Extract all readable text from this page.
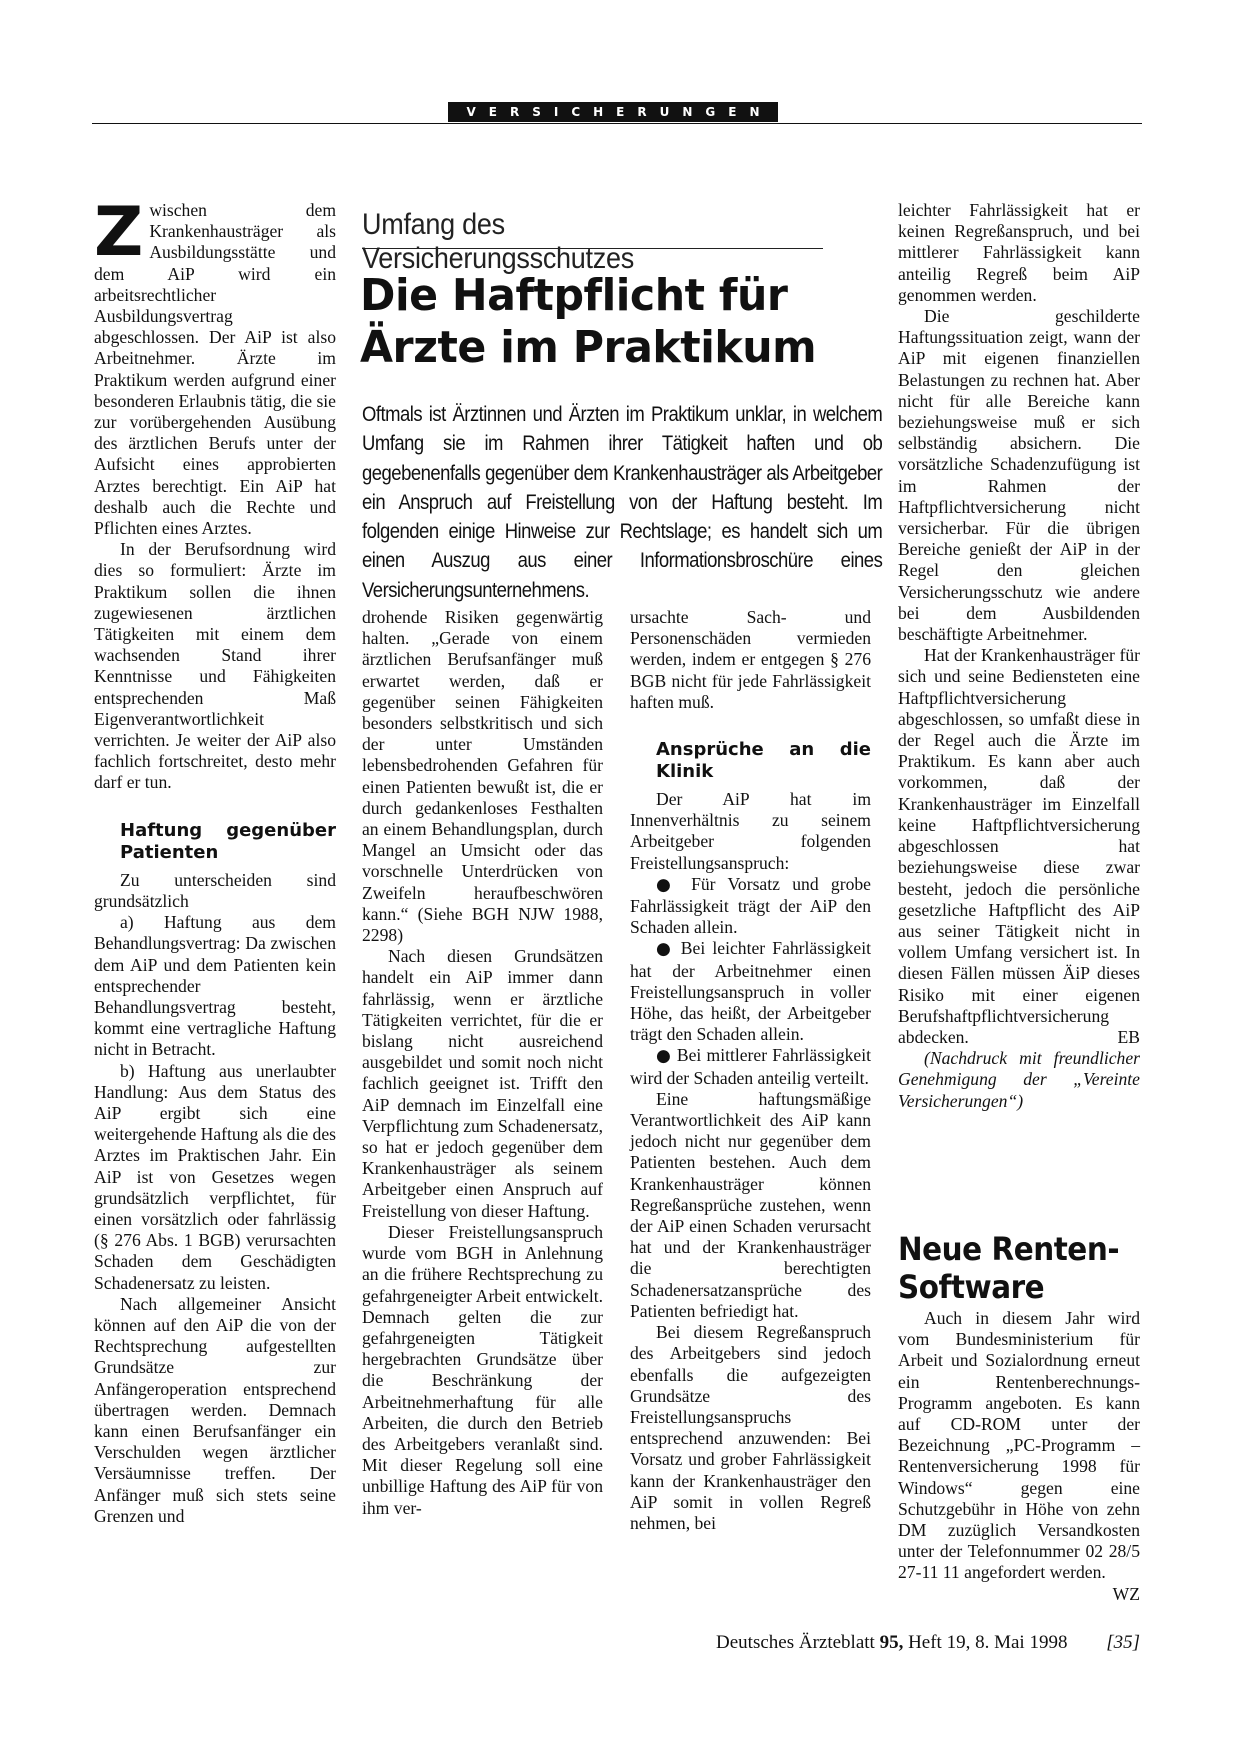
VERSICHERUNGEN

Zwischen dem Krankenhausträger als Ausbildungsstätte und dem AiP wird ein arbeitsrechtlicher Ausbildungsvertrag abgeschlossen. Der AiP ist also Arbeitnehmer. Ärzte im Praktikum werden aufgrund einer besonderen Erlaubnis tätig, die sie zur vorübergehenden Ausübung des ärztlichen Berufs unter der Aufsicht eines approbierten Arztes berechtigt. Ein AiP hat deshalb auch die Rechte und Pflichten eines Arztes.

In der Berufsordnung wird dies so formuliert: Ärzte im Praktikum sollen die ihnen zugewiesenen ärztlichen Tätigkeiten mit einem dem wachsenden Stand ihrer Kenntnisse und Fähigkeiten entsprechenden Maß Eigenverantwortlichkeit verrichten. Je weiter der AiP also fachlich fortschreitet, desto mehr darf er tun.

Haftung gegenüber Patienten

Zu unterscheiden sind grundsätzlich

a) Haftung aus dem Behandlungsvertrag: Da zwischen dem AiP und dem Patienten kein entsprechender Behandlungsvertrag besteht, kommt eine vertragliche Haftung nicht in Betracht.

b) Haftung aus unerlaubter Handlung: Aus dem Status des AiP ergibt sich eine weitergehende Haftung als die des Arztes im Praktischen Jahr. Ein AiP ist von Gesetzes wegen grundsätzlich verpflichtet, für einen vorsätzlich oder fahrlässig (§ 276 Abs. 1 BGB) verursachten Schaden dem Geschädigten Schadenersatz zu leisten.

Nach allgemeiner Ansicht können auf den AiP die von der Rechtsprechung aufgestellten Grundsätze zur Anfängeroperation entsprechend übertragen werden. Demnach kann einen Berufsanfänger ein Verschulden wegen ärztlicher Versäumnisse treffen. Der Anfänger muß sich stets seine Grenzen und

Umfang des Versicherungsschutzes
Die Haftpflicht für
Ärzte im Praktikum
Oftmals ist Ärztinnen und Ärzten im Praktikum unklar, in welchem Umfang sie im Rahmen ihrer Tätigkeit haften und ob gegebenenfalls gegenüber dem Krankenhausträger als Arbeitgeber ein Anspruch auf Freistellung von der Haftung besteht. Im folgenden einige Hinweise zur Rechtslage; es handelt sich um einen Auszug aus einer Informationsbroschüre eines Versicherungsunternehmens.

drohende Risiken gegenwärtig halten. „Gerade von einem ärztlichen Berufsanfänger muß erwartet werden, daß er gegenüber seinen Fähigkeiten besonders selbstkritisch und sich der unter Umständen lebensbedrohenden Gefahren für einen Patienten bewußt ist, die er durch gedankenloses Festhalten an einem Behandlungsplan, durch Mangel an Umsicht oder das vorschnelle Unterdrücken von Zweifeln heraufbeschwören kann.“ (Siehe BGH NJW 1988, 2298)

Nach diesen Grundsätzen handelt ein AiP immer dann fahrlässig, wenn er ärztliche Tätigkeiten verrichtet, für die er bislang nicht ausreichend ausgebildet und somit noch nicht fachlich geeignet ist. Trifft den AiP demnach im Einzelfall eine Verpflichtung zum Schadenersatz, so hat er jedoch gegenüber dem Krankenhausträger als seinem Arbeitgeber einen Anspruch auf Freistellung von dieser Haftung.

Dieser Freistellungsanspruch wurde vom BGH in Anlehnung an die frühere Rechtsprechung zu gefahrgeneigter Arbeit entwickelt. Demnach gelten die zur gefahrgeneigten Tätigkeit hergebrachten Grundsätze über die Beschränkung der Arbeitnehmerhaftung für alle Arbeiten, die durch den Betrieb des Arbeitgebers veranlaßt sind. Mit dieser Regelung soll eine unbillige Haftung des AiP für von ihm ver-

ursachte Sach- und Personenschäden vermieden werden, indem er entgegen § 276 BGB nicht für jede Fahrlässigkeit haften muß.

Ansprüche an die Klinik

Der AiP hat im Innenverhältnis zu seinem Arbeitgeber folgenden Freistellungsanspruch:

● Für Vorsatz und grobe Fahrlässigkeit trägt der AiP den Schaden allein.

● Bei leichter Fahrlässigkeit hat der Arbeitnehmer einen Freistellungsanspruch in voller Höhe, das heißt, der Arbeitgeber trägt den Schaden allein.

● Bei mittlerer Fahrlässigkeit wird der Schaden anteilig verteilt.

Eine haftungsmäßige Verantwortlichkeit des AiP kann jedoch nicht nur gegenüber dem Patienten bestehen. Auch dem Krankenhausträger können Regreßansprüche zustehen, wenn der AiP einen Schaden verursacht hat und der Krankenhausträger die berechtigten Schadenersatzansprüche des Patienten befriedigt hat.

Bei diesem Regreßanspruch des Arbeitgebers sind jedoch ebenfalls die aufgezeigten Grundsätze des Freistellungsanspruchs entsprechend anzuwenden: Bei Vorsatz und grober Fahrlässigkeit kann der Krankenhausträger den AiP somit in vollen Regreß nehmen, bei

leichter Fahrlässigkeit hat er keinen Regreßanspruch, und bei mittlerer Fahrlässigkeit kann anteilig Regreß beim AiP genommen werden.

Die geschilderte Haftungssituation zeigt, wann der AiP mit eigenen finanziellen Belastungen zu rechnen hat. Aber nicht für alle Bereiche kann beziehungsweise muß er sich selbständig absichern. Die vorsätzliche Schadenzufügung ist im Rahmen der Haftpflichtversicherung nicht versicherbar. Für die übrigen Bereiche genießt der AiP in der Regel den gleichen Versicherungsschutz wie andere bei dem Ausbildenden beschäftigte Arbeitnehmer.

Hat der Krankenhausträger für sich und seine Bediensteten eine Haftpflichtversicherung abgeschlossen, so umfaßt diese in der Regel auch die Ärzte im Praktikum. Es kann aber auch vorkommen, daß der Krankenhausträger im Einzelfall keine Haftpflichtversicherung abgeschlossen hat beziehungsweise diese zwar besteht, jedoch die persönliche gesetzliche Haftpflicht des AiP aus seiner Tätigkeit nicht in vollem Umfang versichert ist. In diesen Fällen müssen ÄiP dieses Risiko mit einer eigenen Berufshaftpflichtversicherung abdecken.	EB

(Nachdruck mit freundlicher Genehmigung der „Vereinte Versicherungen“)

Neue Renten-
Software

Auch in diesem Jahr wird vom Bundesministerium für Arbeit und Sozialordnung erneut ein Rentenberechnungs-Programm angeboten. Es kann auf CD-ROM unter der Bezeichnung „PC-Programm – Rentenversicherung 1998 für Windows“ gegen eine Schutzgebühr in Höhe von zehn DM zuzüglich Versandkosten unter der Telefonnummer 02 28/5 27-11 11 angefordert werden.
WZ

Deutsches Ärzteblatt 95, Heft 19, 8. Mai 1998 [35]
